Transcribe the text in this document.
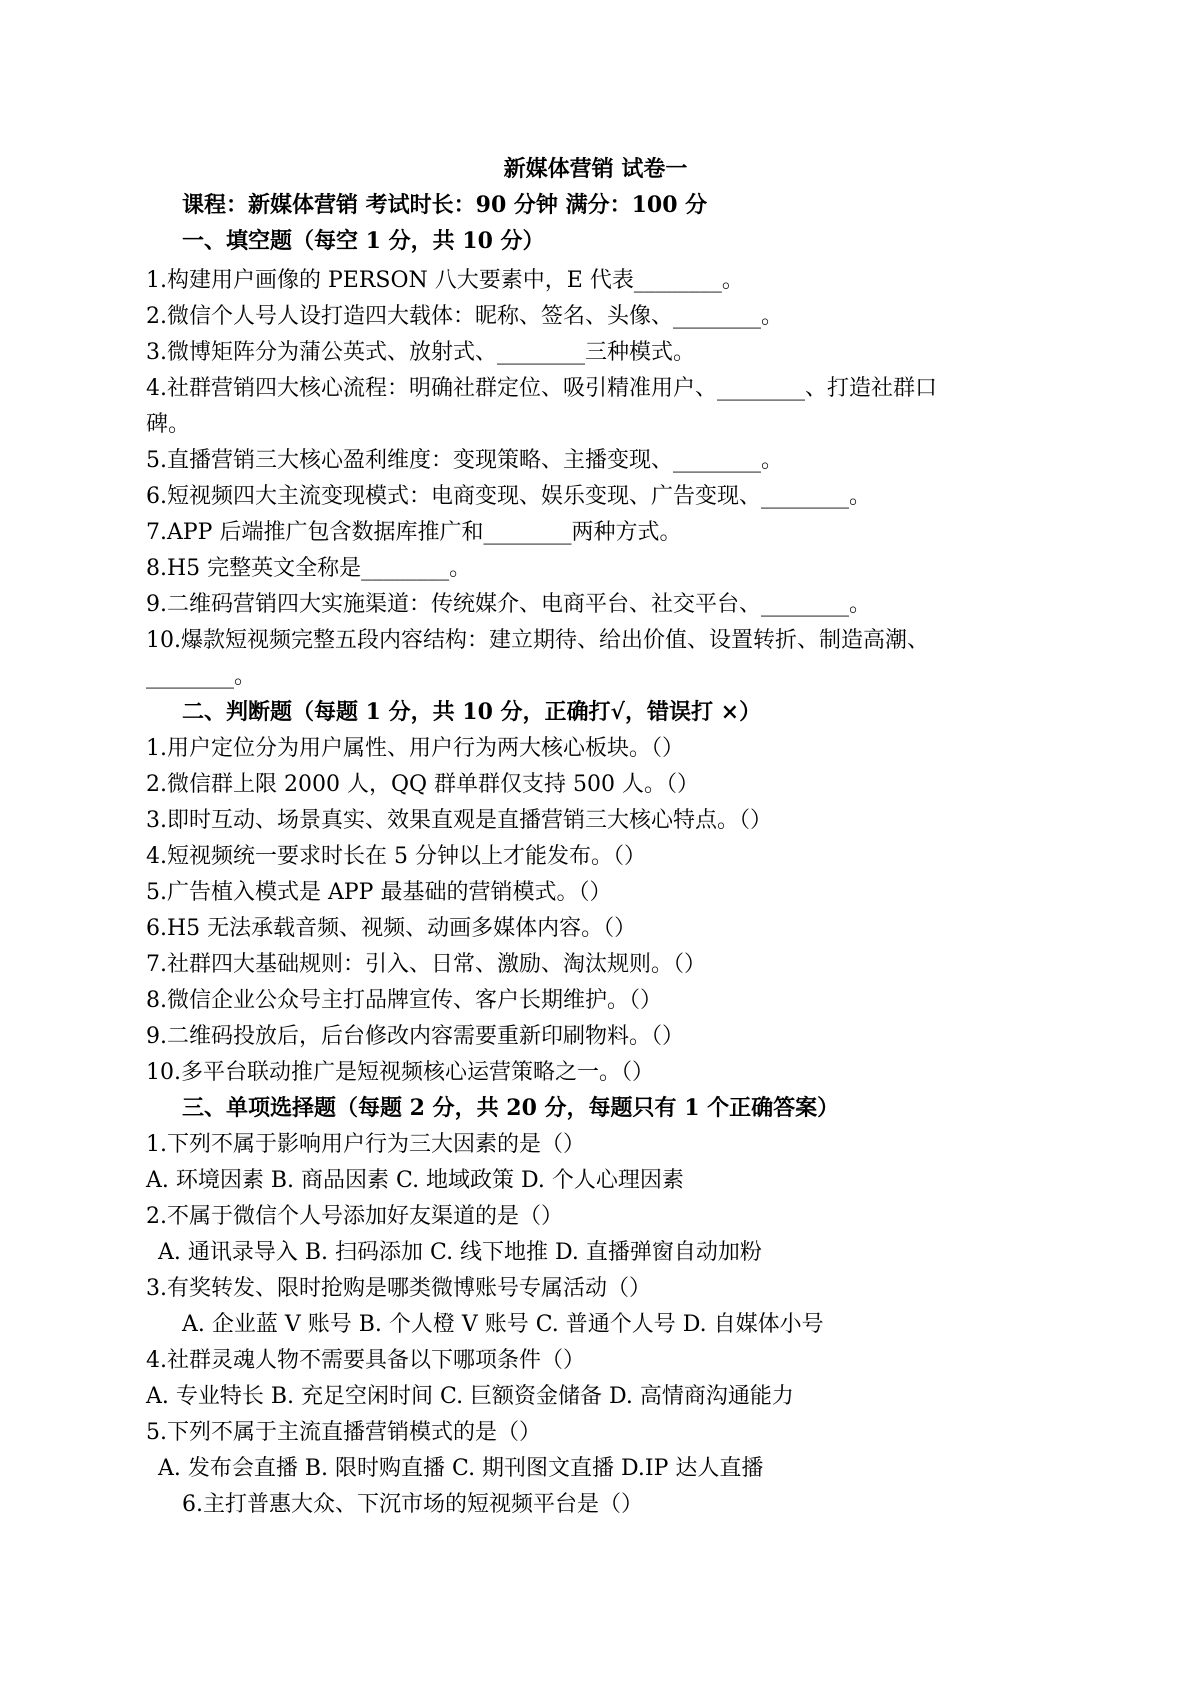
新媒体营销 试卷一
课程：新媒体营销 考试时长：90 分钟 满分：100 分
一、填空题（每空 1 分，共 10 分）
1.构建用户画像的 PERSON 八大要素中，E 代表________。
2.微信个人号人设打造四大载体：昵称、签名、头像、________。
3.微博矩阵分为蒲公英式、放射式、________三种模式。
4.社群营销四大核心流程：明确社群定位、吸引精准用户、________、打造社群口
碑。
5.直播营销三大核心盈利维度：变现策略、主播变现、________。
6.短视频四大主流变现模式：电商变现、娱乐变现、广告变现、________。
7.APP 后端推广包含数据库推广和________两种方式。
8.H5 完整英文全称是________。
9.二维码营销四大实施渠道：传统媒介、电商平台、社交平台、________。
10.爆款短视频完整五段内容结构：建立期待、给出价值、设置转折、制造高潮、
________。
二、判断题（每题 1 分，共 10 分，正确打√，错误打 ×）
1.用户定位分为用户属性、用户行为两大核心板块。（）
2.微信群上限 2000 人，QQ 群单群仅支持 500 人。（）
3.即时互动、场景真实、效果直观是直播营销三大核心特点。（）
4.短视频统一要求时长在 5 分钟以上才能发布。（）
5.广告植入模式是 APP 最基础的营销模式。（）
6.H5 无法承载音频、视频、动画多媒体内容。（）
7.社群四大基础规则：引入、日常、激励、淘汰规则。（）
8.微信企业公众号主打品牌宣传、客户长期维护。（）
9.二维码投放后，后台修改内容需要重新印刷物料。（）
10.多平台联动推广是短视频核心运营策略之一。（）
三、单项选择题（每题 2 分，共 20 分，每题只有 1 个正确答案）
1.下列不属于影响用户行为三大因素的是（）
A. 环境因素 B. 商品因素 C. 地域政策 D. 个人心理因素
2.不属于微信个人号添加好友渠道的是（）
A. 通讯录导入 B. 扫码添加 C. 线下地推 D. 直播弹窗自动加粉
3.有奖转发、限时抢购是哪类微博账号专属活动（）
A. 企业蓝 V 账号 B. 个人橙 V 账号 C. 普通个人号 D. 自媒体小号
4.社群灵魂人物不需要具备以下哪项条件（）
A. 专业特长 B. 充足空闲时间 C. 巨额资金储备 D. 高情商沟通能力
5.下列不属于主流直播营销模式的是（）
A. 发布会直播 B. 限时购直播 C. 期刊图文直播 D.IP 达人直播
6.主打普惠大众、下沉市场的短视频平台是（）
